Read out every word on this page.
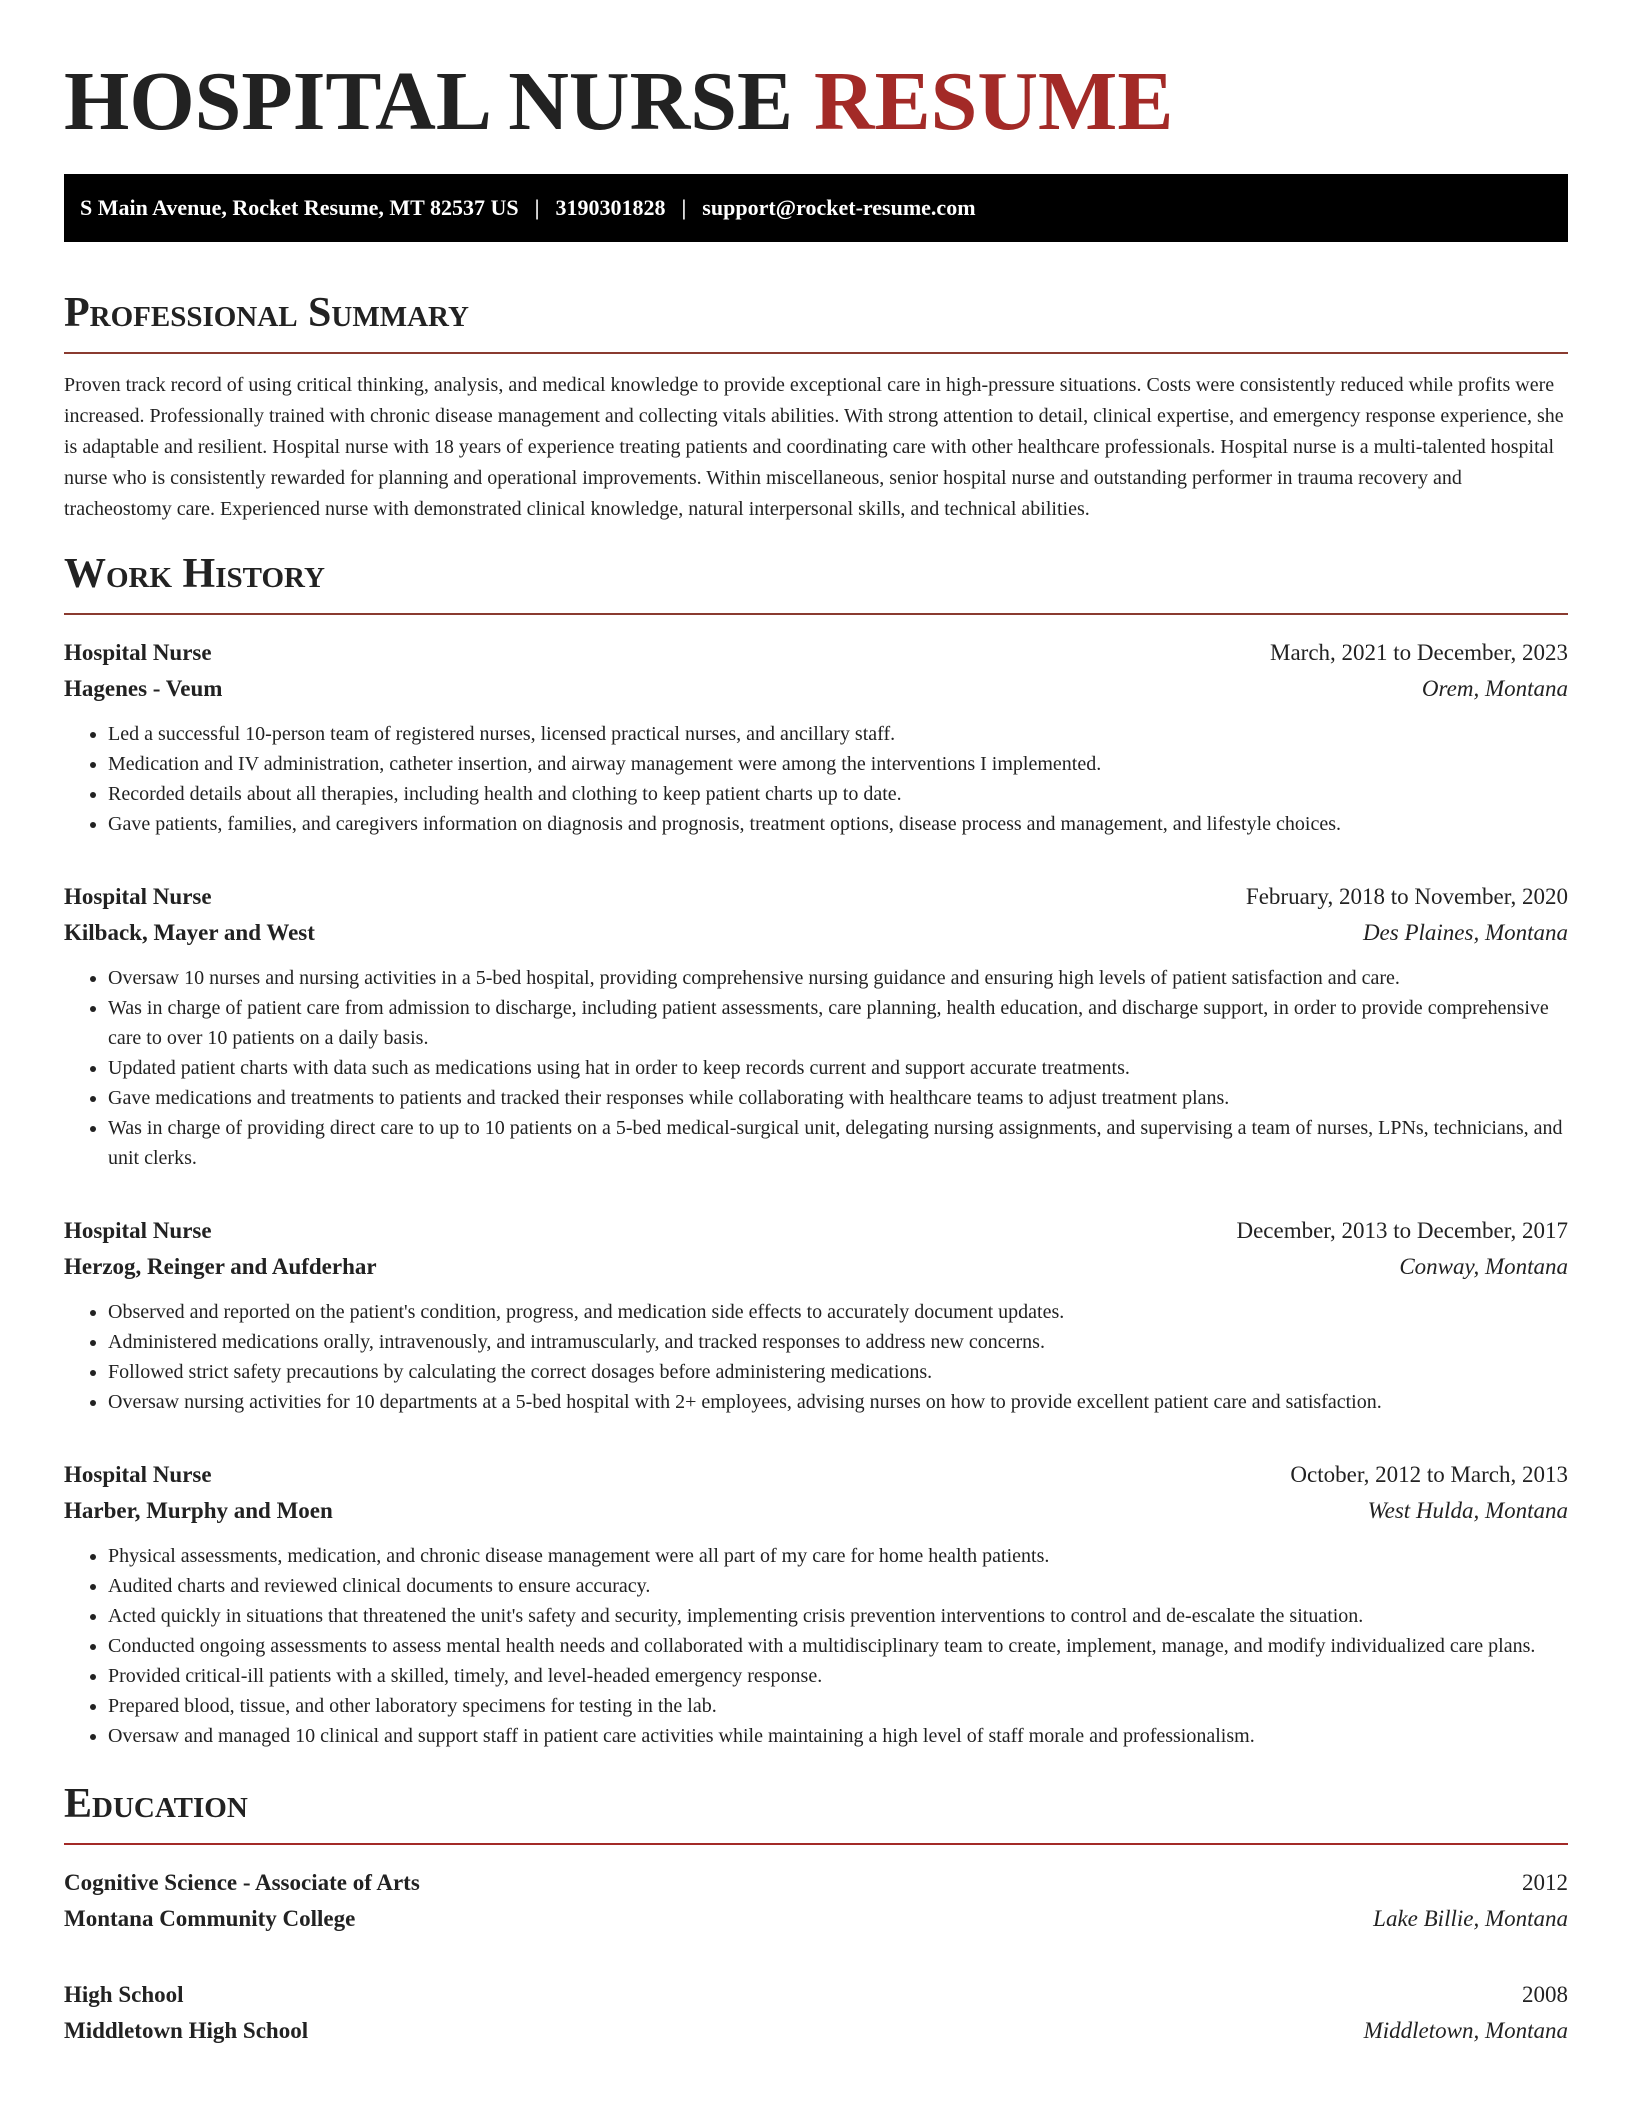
HOSPITAL NURSE RESUME
S Main Avenue, Rocket Resume, MT 82537 US | 3190301828 | support@rocket-resume.com
Professional Summary

Proven track record of using critical thinking, analysis, and medical knowledge to provide exceptional care in high-pressure situations. Costs were consistently reduced while profits were increased. Professionally trained with chronic disease management and collecting vitals abilities. With strong attention to detail, clinical expertise, and emergency response experience, she is adaptable and resilient. Hospital nurse with 18 years of experience treating patients and coordinating care with other healthcare professionals. Hospital nurse is a multi-talented hospital nurse who is consistently rewarded for planning and operational improvements. Within miscellaneous, senior hospital nurse and outstanding performer in trauma recovery and tracheostomy care. Experienced nurse with demonstrated clinical knowledge, natural interpersonal skills, and technical abilities.

Work History
Hospital Nurse	March, 2021 to December, 2023
Hagenes - Veum	Orem, Montana
• Led a successful 10-person team of registered nurses, licensed practical nurses, and ancillary staff.
• Medication and IV administration, catheter insertion, and airway management were among the interventions I implemented.
• Recorded details about all therapies, including health and clothing to keep patient charts up to date.
• Gave patients, families, and caregivers information on diagnosis and prognosis, treatment options, disease process and management, and lifestyle choices.
Hospital Nurse	February, 2018 to November, 2020
Kilback, Mayer and West	Des Plaines, Montana
• Oversaw 10 nurses and nursing activities in a 5-bed hospital, providing comprehensive nursing guidance and ensuring high levels of patient satisfaction and care.
• Was in charge of patient care from admission to discharge, including patient assessments, care planning, health education, and discharge support, in order to provide comprehensive care to over 10 patients on a daily basis.
• Updated patient charts with data such as medications using hat in order to keep records current and support accurate treatments.
• Gave medications and treatments to patients and tracked their responses while collaborating with healthcare teams to adjust treatment plans.
• Was in charge of providing direct care to up to 10 patients on a 5-bed medical-surgical unit, delegating nursing assignments, and supervising a team of nurses, LPNs, technicians, and unit clerks.
Hospital Nurse	December, 2013 to December, 2017
Herzog, Reinger and Aufderhar	Conway, Montana
• Observed and reported on the patient's condition, progress, and medication side effects to accurately document updates.
• Administered medications orally, intravenously, and intramuscularly, and tracked responses to address new concerns.
• Followed strict safety precautions by calculating the correct dosages before administering medications.
• Oversaw nursing activities for 10 departments at a 5-bed hospital with 2+ employees, advising nurses on how to provide excellent patient care and satisfaction.
Hospital Nurse	October, 2012 to March, 2013
Harber, Murphy and Moen	West Hulda, Montana
• Physical assessments, medication, and chronic disease management were all part of my care for home health patients.
• Audited charts and reviewed clinical documents to ensure accuracy.
• Acted quickly in situations that threatened the unit's safety and security, implementing crisis prevention interventions to control and de-escalate the situation.
• Conducted ongoing assessments to assess mental health needs and collaborated with a multidisciplinary team to create, implement, manage, and modify individualized care plans.
• Provided critical-ill patients with a skilled, timely, and level-headed emergency response.
• Prepared blood, tissue, and other laboratory specimens for testing in the lab.
• Oversaw and managed 10 clinical and support staff in patient care activities while maintaining a high level of staff morale and professionalism.
Education
Cognitive Science - Associate of Arts	2012
Montana Community College	Lake Billie, Montana
High School	2008
Middletown High School	Middletown, Montana
